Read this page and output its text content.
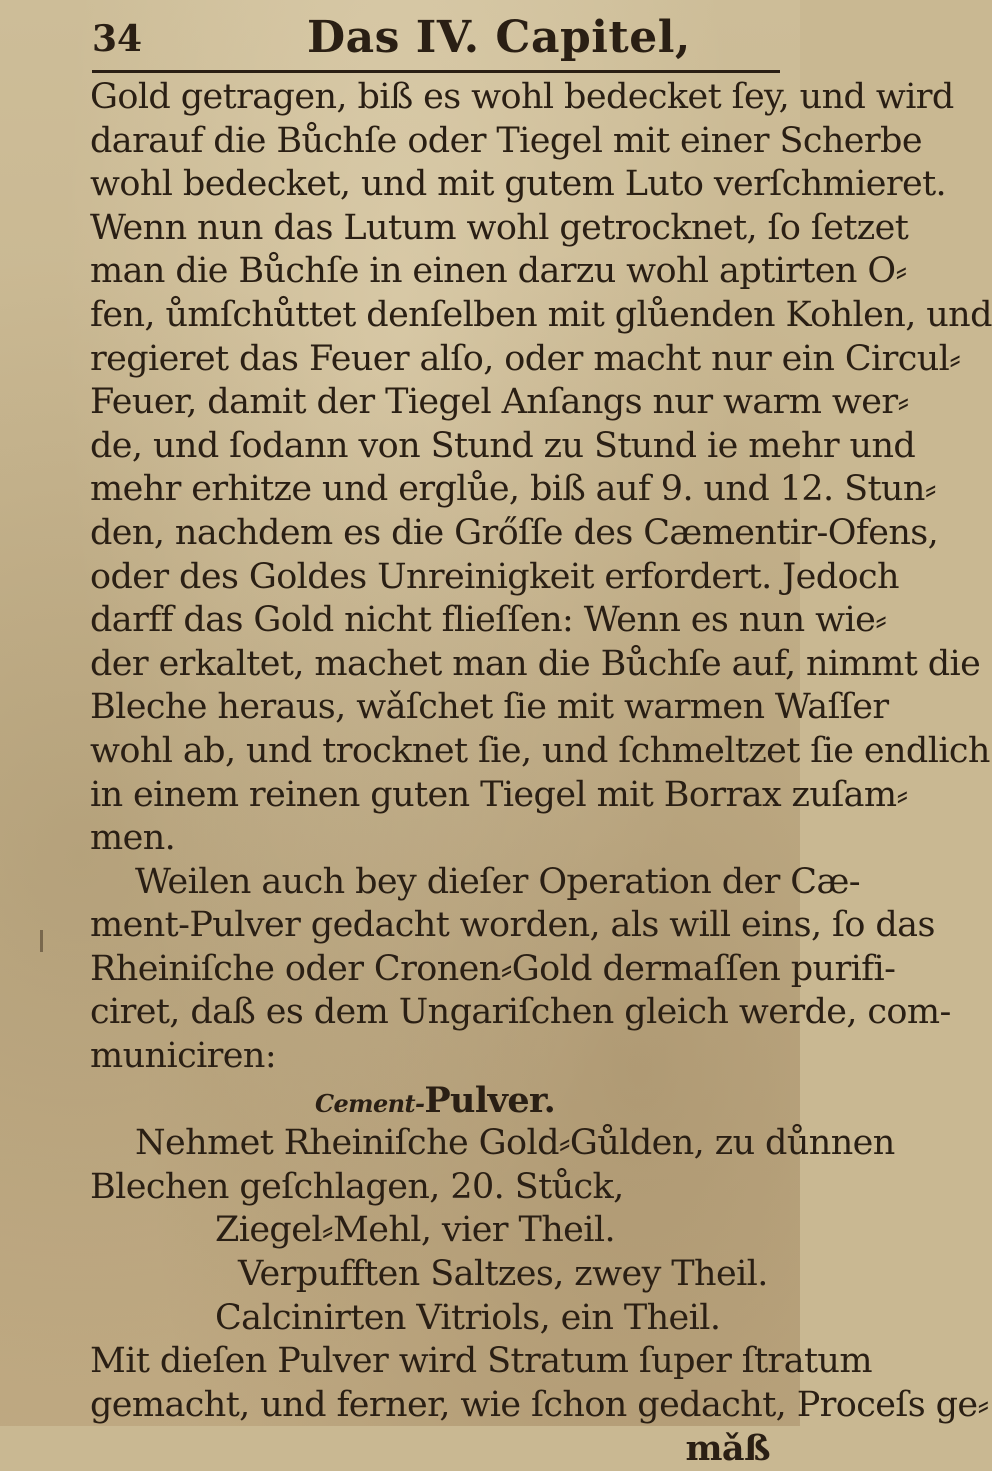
34	Das IV. Capitel,
Gold getragen, biß es wohl bedecket ſey, und wird
darauf die Bůchſe oder Tiegel mit einer Scherbe
wohl bedecket, und mit gutem Luto verſchmieret.
Wenn nun das Lutum wohl getrocknet, ſo ſetzet
man die Bůchſe in einen darzu wohl aptirten O⸗
fen, ůmſchůttet denſelben mit glůenden Kohlen, und
regieret das Feuer alſo, oder macht nur ein Circul⸗
Feuer, damit der Tiegel Anſangs nur warm wer⸗
de, und ſodann von Stund zu Stund ie mehr und
mehr erhitze und erglůe, biß auf 9. und 12. Stun⸗
den, nachdem es die Grőſſe des Cæmentir-Ofens,
oder des Goldes Unreinigkeit erfordert. Jedoch
darff das Gold nicht flieſſen: Wenn es nun wie⸗
der erkaltet, machet man die Bůchſe auf, nimmt die
Bleche heraus, wǎſchet ſie mit warmen Waſſer
wohl ab, und trocknet ſie, und ſchmeltzet ſie endlich
in einem reinen guten Tiegel mit Borrax zuſam⸗
men.
Weilen auch bey dieſer Operation der Cæ-
ment-Pulver gedacht worden, als will eins, ſo das
Rheiniſche oder Cronen⸗Gold dermaſſen purifi-
ciret, daß es dem Ungariſchen gleich werde, com-
municiren:
Cement-Pulver.
Nehmet Rheiniſche Gold⸗Gůlden, zu důnnen
Blechen geſchlagen, 20. Stůck,
Ziegel⸗Mehl, vier Theil.
Verpufften Saltzes, zwey Theil.
Calcinirten Vitriols, ein Theil.
Mit dieſen Pulver wird Stratum ſuper ſtratum
gemacht, und ferner, wie ſchon gedacht, Proceſs ge⸗
mǎß
